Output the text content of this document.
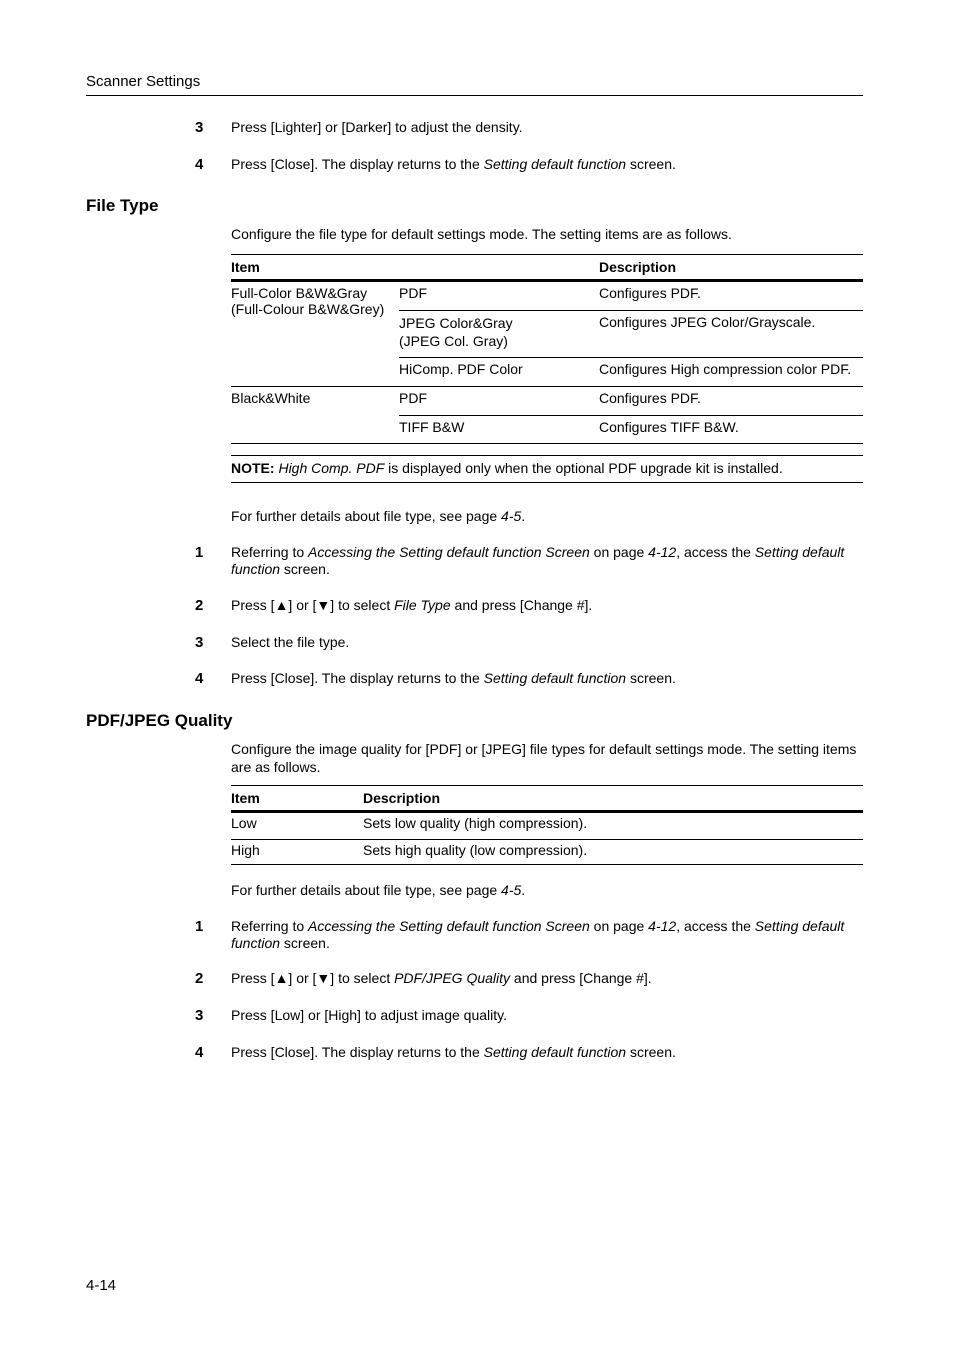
Scanner Settings
3 Press [Lighter] or [Darker] to adjust the density.
4 Press [Close]. The display returns to the Setting default function screen.
File Type
Configure the file type for default settings mode. The setting items are as follows.
Item		Description

Full-Color B&W&Gray
(Full-Colour B&W&Grey)	PDF	Configures PDF.

	JPEG Color&Gray
(JPEG Col. Gray)	Configures JPEG Color/Grayscale.
	HiComp. PDF Color	Configures High compression color PDF.
Black&White	PDF	Configures PDF.
	TIFF B&W	Configures TIFF B&W.
NOTE: High Comp. PDF is displayed only when the optional PDF upgrade kit is installed.
For further details about file type, see page 4-5.
1 Referring to Accessing the Setting default function Screen on page 4-12, access the Setting default function screen.
2 Press [▲] or [▼] to select File Type and press [Change #].
3 Select the file type.
4 Press [Close]. The display returns to the Setting default function screen.
PDF/JPEG Quality
Configure the image quality for [PDF] or [JPEG] file types for default settings mode. The setting items are as follows.
Item	Description
Low	Sets low quality (high compression).
High	Sets high quality (low compression).
For further details about file type, see page 4-5.
1 Referring to Accessing the Setting default function Screen on page 4-12, access the Setting default function screen.
2 Press [▲] or [▼] to select PDF/JPEG Quality and press [Change #].
3 Press [Low] or [High] to adjust image quality.
4 Press [Close]. The display returns to the Setting default function screen.
4-14
